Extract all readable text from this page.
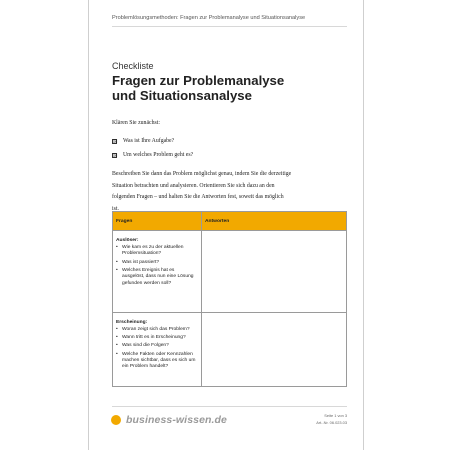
Problemlösungsmethoden: Fragen zur Problemanalyse und Situationsanalyse
Checkliste
Fragen zur Problemanalyse
und Situationsanalyse
Klären Sie zunächst:
☒ Was ist Ihre Aufgabe?
☒ Um welches Problem geht es?
Beschreiben Sie dann das Problem möglichst genau, indem Sie die derzeitige
Situation betrachten und analysieren. Orientieren Sie sich dazu an den
folgenden Fragen – und halten Sie die Antworten fest, soweit das möglich
ist.
Fragen	Antworten

Auslöser:
• Wie kam es zu der aktuellen Problemsituation?
• Was ist passiert?
• Welches Ereignis hat es ausgelöst, dass nun eine Lösung gefunden werden soll?

Erscheinung:
• Woran zeigt sich das Problem?
• Wann tritt es in Erscheinung?
• Was sind die Folgen?
• Welche Fakten oder Kennzahlen machen sichtbar, dass es sich um ein Problem handelt?

business-wissen.de	Seite 1 von 3
Art.-Nr. 06.023.03
